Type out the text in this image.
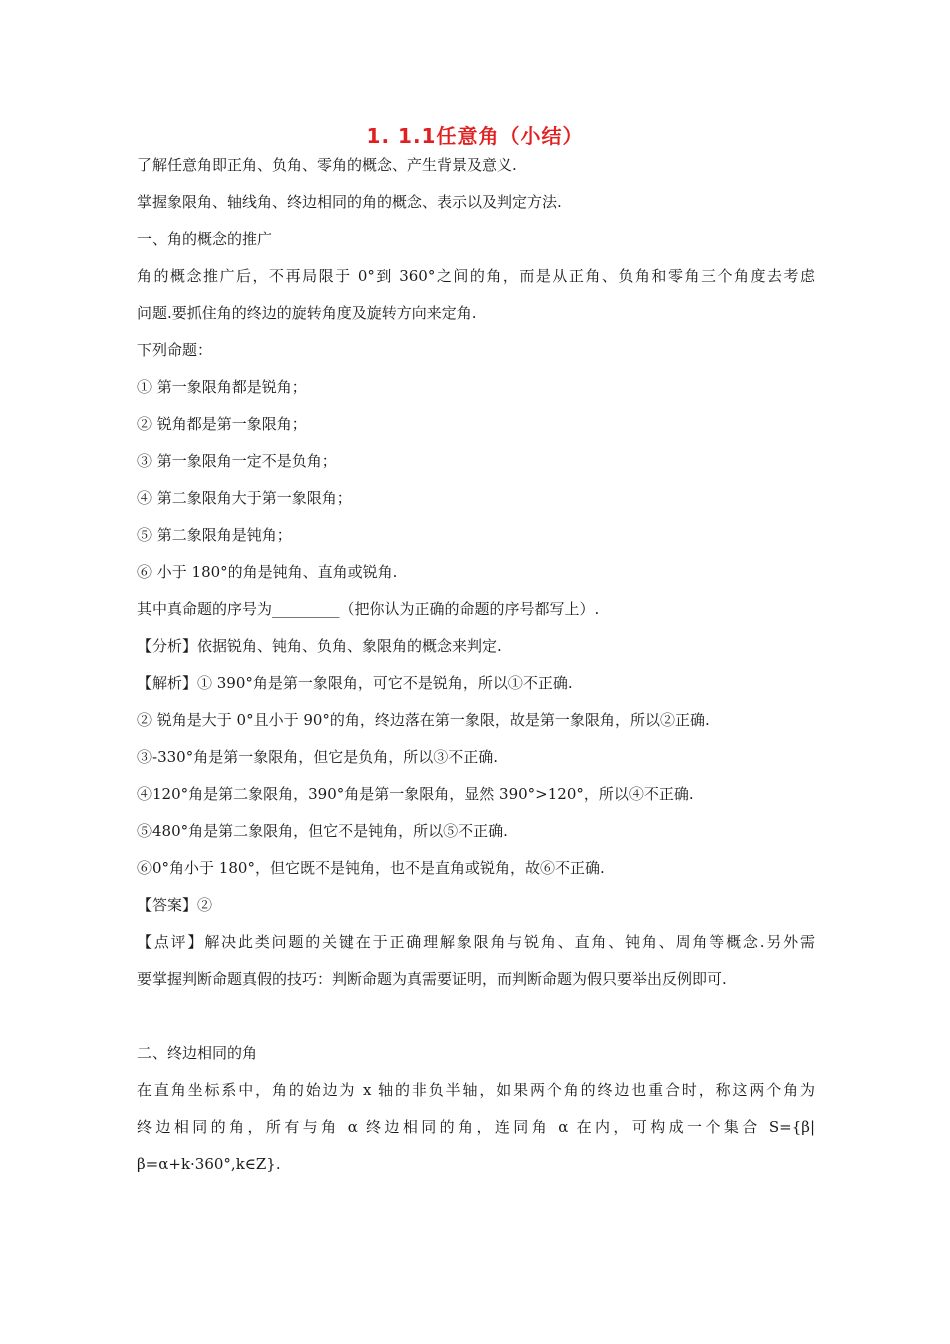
1. 1.1任意角（小结）
了解任意角即正角、负角、零角的概念、产生背景及意义.
掌握象限角、轴线角、终边相同的角的概念、表示以及判定方法.
一、角的概念的推广
角的概念推广后，不再局限于 0°到 360°之间的角，而是从正角、负角和零角三个角度去考虑
问题.要抓住角的终边的旋转角度及旋转方向来定角.
下列命题：
① 第一象限角都是锐角；
② 锐角都是第一象限角；
③ 第一象限角一定不是负角；
④ 第二象限角大于第一象限角；
⑤ 第二象限角是钝角；
⑥ 小于 180°的角是钝角、直角或锐角.
其中真命题的序号为_________（把你认为正确的命题的序号都写上）.
【分析】依据锐角、钝角、负角、象限角的概念来判定.
【解析】① 390°角是第一象限角，可它不是锐角，所以①不正确.
② 锐角是大于 0°且小于 90°的角，终边落在第一象限，故是第一象限角，所以②正确.
③-330°角是第一象限角，但它是负角，所以③不正确.
④120°角是第二象限角，390°角是第一象限角，显然 390°>120°，所以④不正确.
⑤480°角是第二象限角，但它不是钝角，所以⑤不正确.
⑥0°角小于 180°，但它既不是钝角，也不是直角或锐角，故⑥不正确.
【答案】②
【点评】解决此类问题的关键在于正确理解象限角与锐角、直角、钝角、周角等概念.另外需
要掌握判断命题真假的技巧：判断命题为真需要证明，而判断命题为假只要举出反例即可.
二、终边相同的角
在直角坐标系中，角的始边为 x 轴的非负半轴，如果两个角的终边也重合时，称这两个角为
终边相同的角，所有与角 α 终边相同的角，连同角 α 在内，可构成一个集合 S={β|
β=α+k·360°,k∈Z}.
